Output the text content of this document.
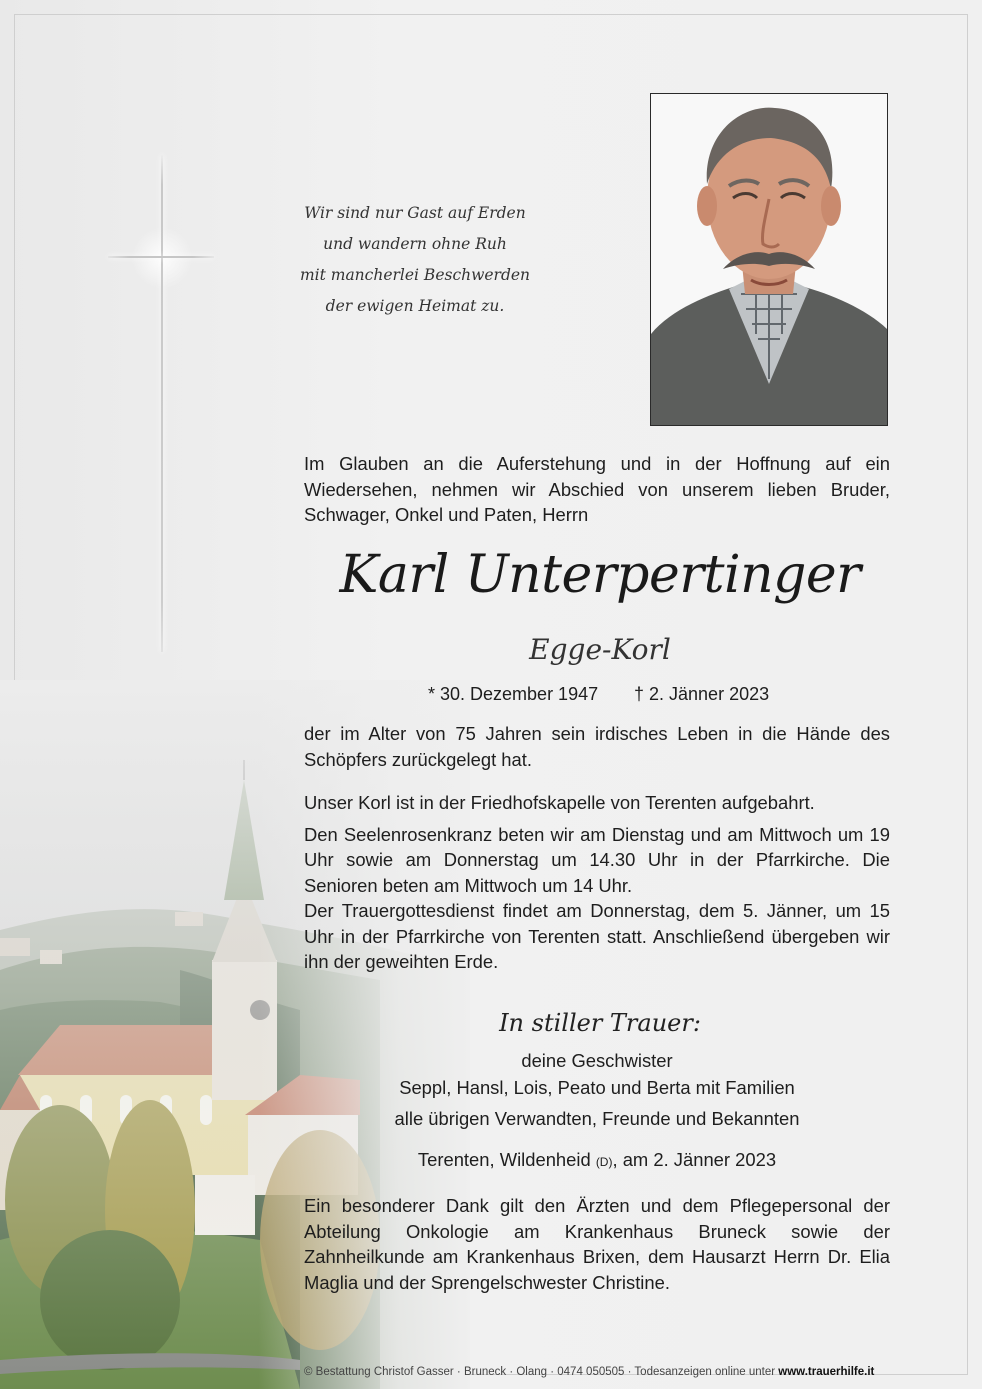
Wir sind nur Gast auf Erden
und wandern ohne Ruh
mit mancherlei Beschwerden
der ewigen Heimat zu.

Im Glauben an die Auferstehung und in der Hoffnung auf ein Wiedersehen, nehmen wir Abschied von unserem lieben Bruder, Schwager, Onkel und Paten, Herrn

Karl Unterpertinger
Egge-Korl
* 30. Dezember 1947 † 2. Jänner 2023

der im Alter von 75 Jahren sein irdisches Leben in die Hände des Schöpfers zurückgelegt hat.

Unser Korl ist in der Friedhofskapelle von Terenten aufgebahrt.

Den Seelenrosenkranz beten wir am Dienstag und am Mittwoch um 19 Uhr sowie am Donnerstag um 14.30 Uhr in der Pfarrkirche. Die Senioren beten am Mittwoch um 14 Uhr.

Der Trauergottesdienst findet am Donnerstag, dem 5. Jänner, um 15 Uhr in der Pfarrkirche von Terenten statt. Anschließend übergeben wir ihn der geweihten Erde.

In stiller Trauer:
deine Geschwister
Seppl, Hansl, Lois, Peato und Berta mit Familien
alle übrigen Verwandten, Freunde und Bekannten
Terenten, Wildenheid (D), am 2. Jänner 2023

Ein besonderer Dank gilt den Ärzten und dem Pflegepersonal der Abteilung Onkologie am Krankenhaus Bruneck sowie der Zahnheilkunde am Krankenhaus Brixen, dem Hausarzt Herrn Dr. Elia Maglia und der Sprengelschwester Christine.

© Bestattung Christof Gasser · Bruneck · Olang · 0474 050505 · Todesanzeigen online unter www.trauerhilfe.it
